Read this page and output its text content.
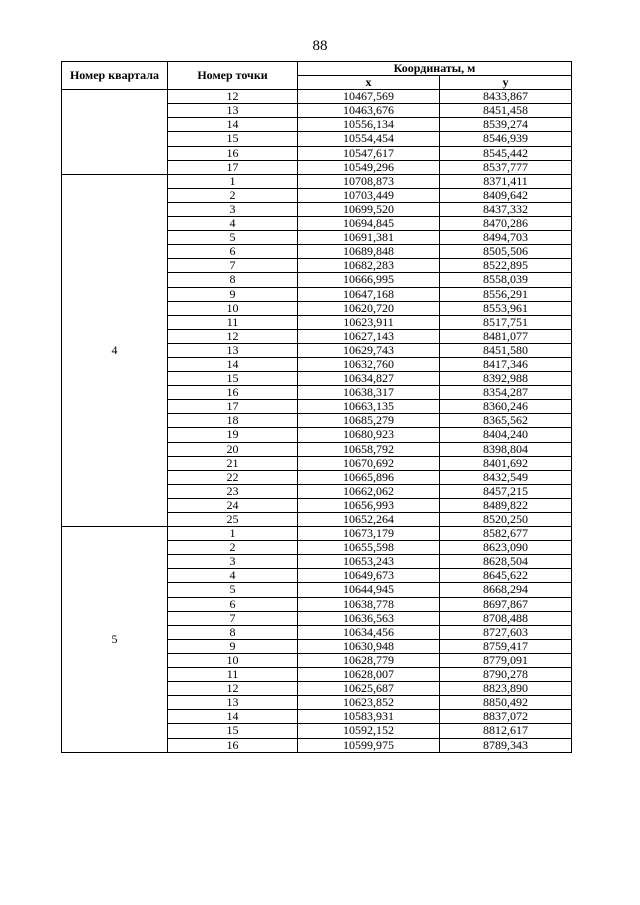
88
Номер квартала	Номер точки	Координаты, м	
		x	y
	12	10467,569	8433,867
	13	10463,676	8451,458
	14	10556,134	8539,274
	15	10554,454	8546,939
	16	10547,617	8545,442
	17	10549,296	8537,777
4	1	10708,873	8371,411
	2	10703,449	8409,642
	3	10699,520	8437,332
	4	10694,845	8470,286
	5	10691,381	8494,703
	6	10689,848	8505,506
	7	10682,283	8522,895
	8	10666,995	8558,039
	9	10647,168	8556,291
	10	10620,720	8553,961
	11	10623,911	8517,751
	12	10627,143	8481,077
	13	10629,743	8451,580
	14	10632,760	8417,346
	15	10634,827	8392,988
	16	10638,317	8354,287
	17	10663,135	8360,246
	18	10685,279	8365,562
	19	10680,923	8404,240
	20	10658,792	8398,804
	21	10670,692	8401,692
	22	10665,896	8432,549
	23	10662,062	8457,215
	24	10656,993	8489,822
	25	10652,264	8520,250
5	1	10673,179	8582,677
	2	10655,598	8623,090
	3	10653,243	8628,504
	4	10649,673	8645,622
	5	10644,945	8668,294
	6	10638,778	8697,867
	7	10636,563	8708,488
	8	10634,456	8727,603
	9	10630,948	8759,417
	10	10628,779	8779,091
	11	10628,007	8790,278
	12	10625,687	8823,890
	13	10623,852	8850,492
	14	10583,931	8837,072
	15	10592,152	8812,617
	16	10599,975	8789,343
